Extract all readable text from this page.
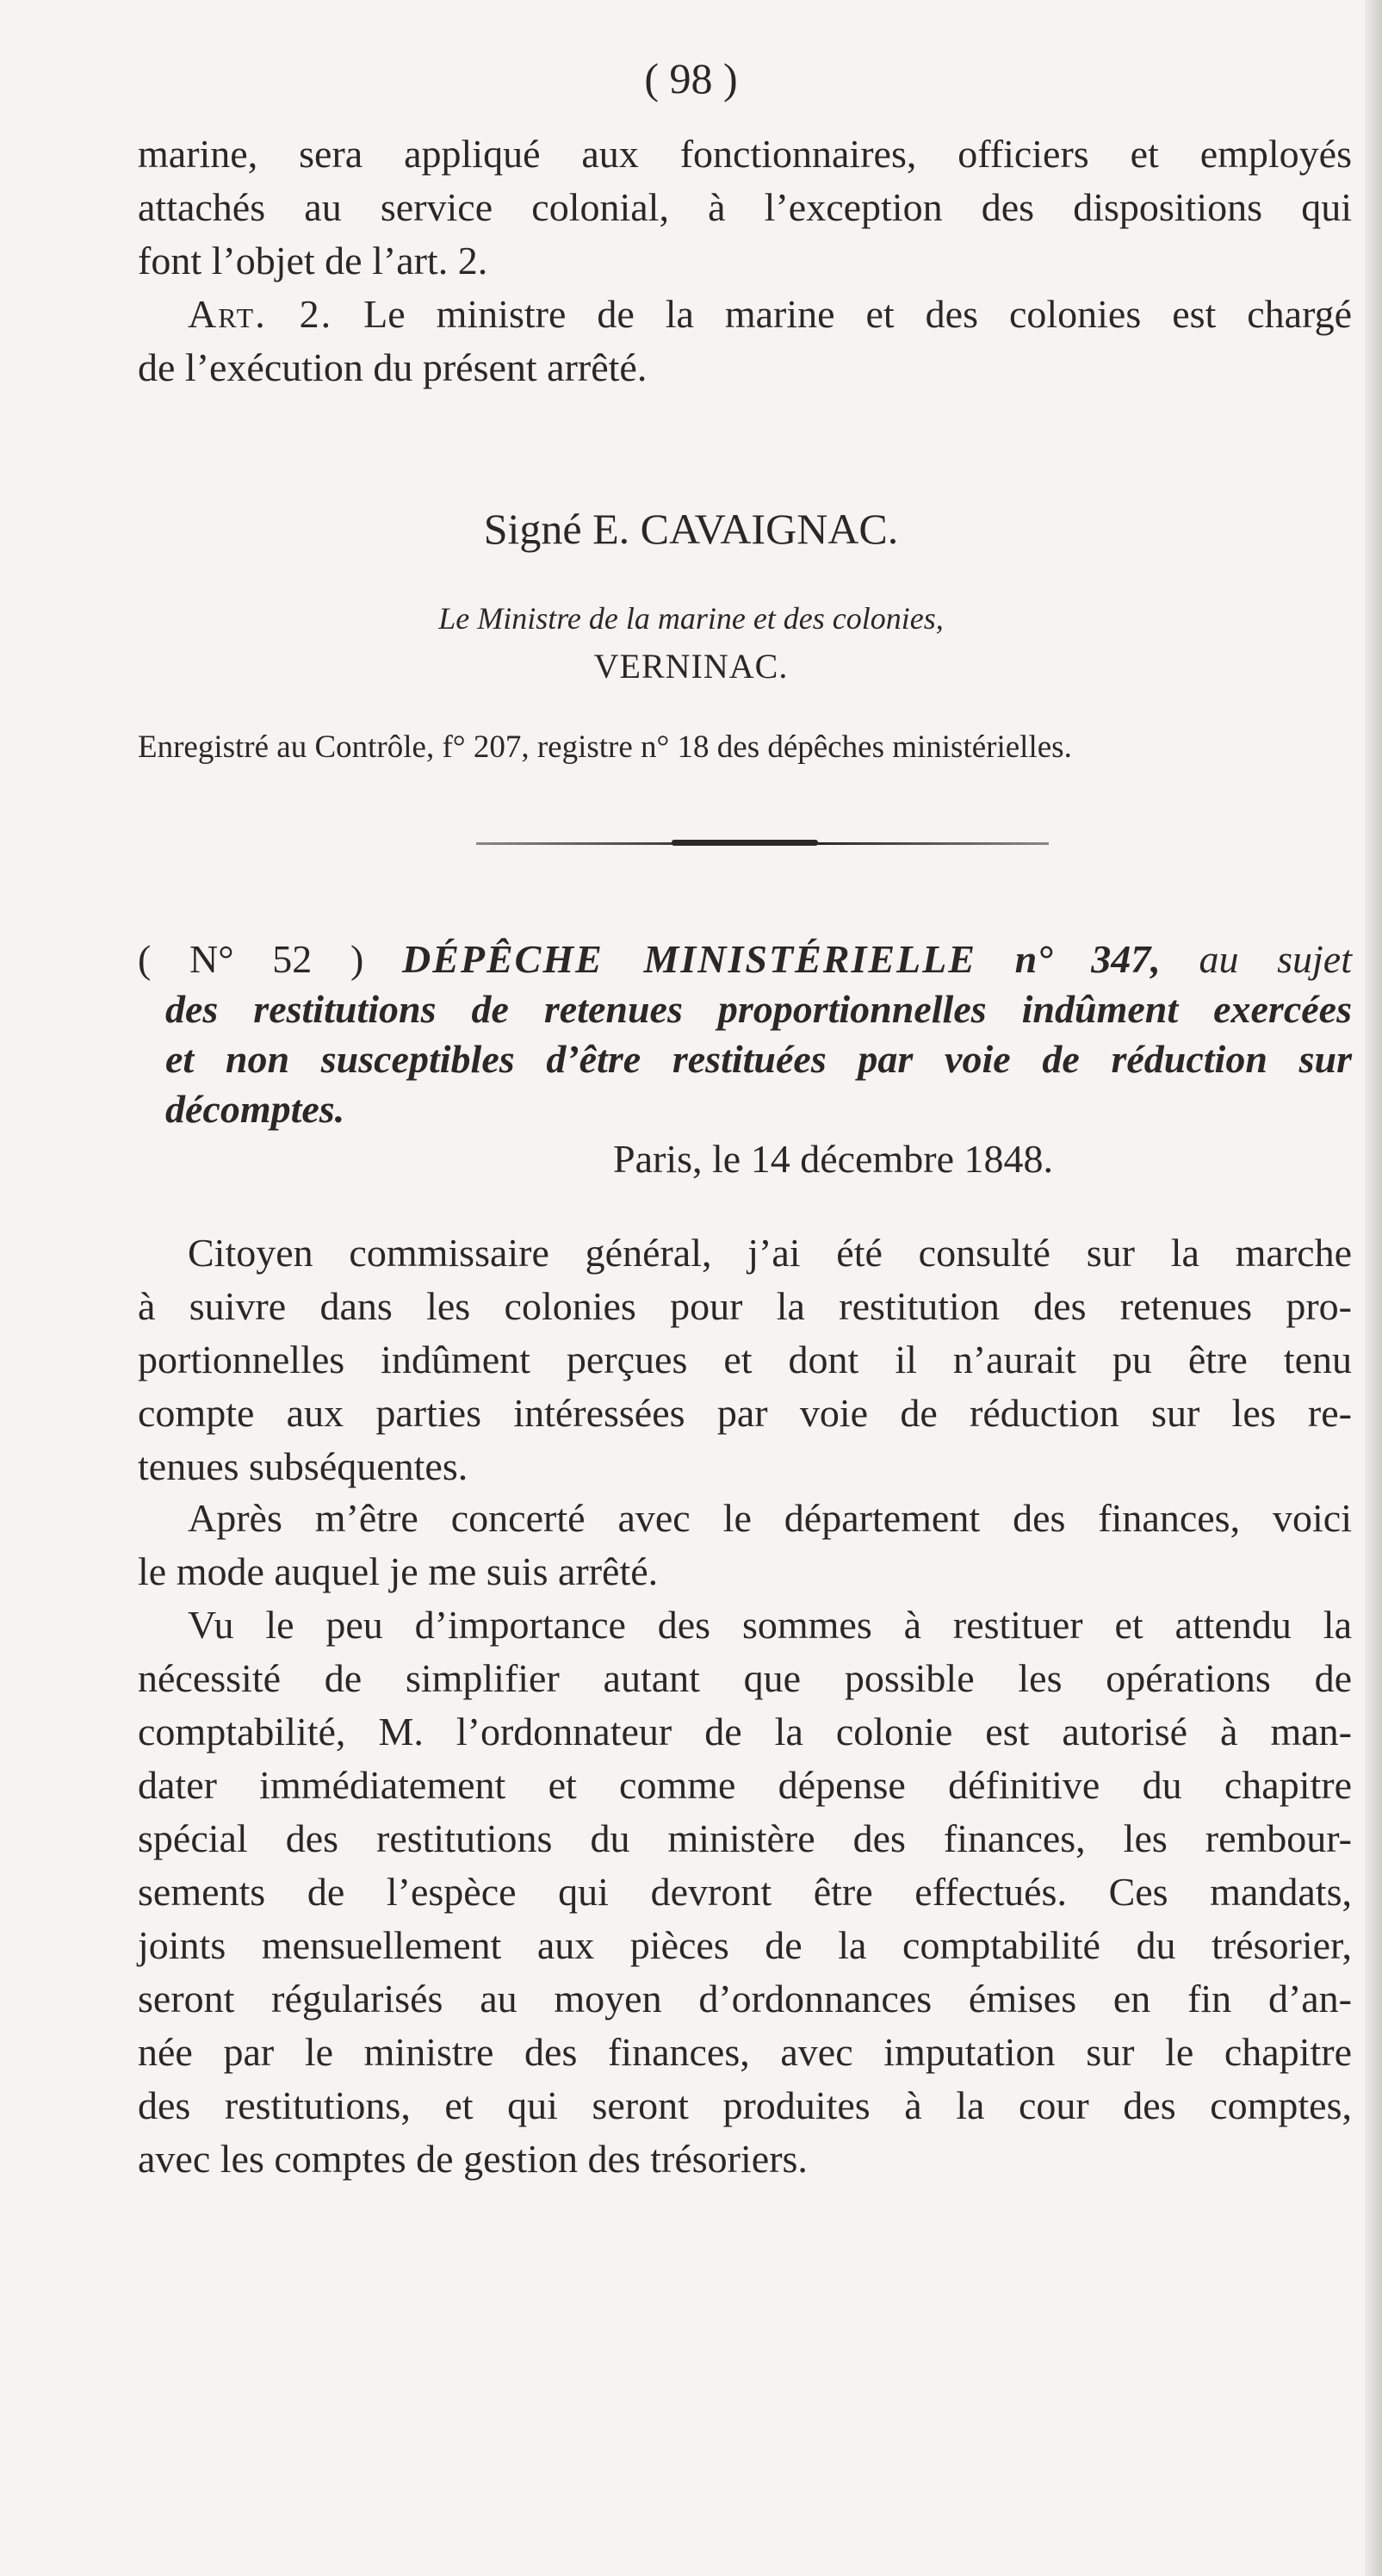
( 98 )
marine, sera appliqué aux fonctionnaires, officiers et employés
attachés au service colonial, à l’exception des dispositions qui
font l’objet de l’art. 2.
Art. 2. Le ministre de la marine et des colonies est chargé
de l’exécution du présent arrêté.
Signé E. CAVAIGNAC.
Le Ministre de la marine et des colonies,
VERNINAC.
Enregistré au Contrôle, f° 207, registre n° 18 des dépêches ministérielles.
( N° 52 ) DÉPÊCHE MINISTÉRIELLE n° 347, au sujet
des restitutions de retenues proportionnelles indûment exercées
et non susceptibles d’être restituées par voie de réduction sur
décomptes.
Paris, le 14 décembre 1848.
Citoyen commissaire général, j’ai été consulté sur la marche
à suivre dans les colonies pour la restitution des retenues pro-
portionnelles indûment perçues et dont il n’aurait pu être tenu
compte aux parties intéressées par voie de réduction sur les re-
tenues subséquentes.
Après m’être concerté avec le département des finances, voici
le mode auquel je me suis arrêté.
Vu le peu d’importance des sommes à restituer et attendu la
nécessité de simplifier autant que possible les opérations de
comptabilité, M. l’ordonnateur de la colonie est autorisé à man-
dater immédiatement et comme dépense définitive du chapitre
spécial des restitutions du ministère des finances, les rembour-
sements de l’espèce qui devront être effectués. Ces mandats,
joints mensuellement aux pièces de la comptabilité du trésorier,
seront régularisés au moyen d’ordonnances émises en fin d’an-
née par le ministre des finances, avec imputation sur le chapitre
des restitutions, et qui seront produites à la cour des comptes,
avec les comptes de gestion des trésoriers.
